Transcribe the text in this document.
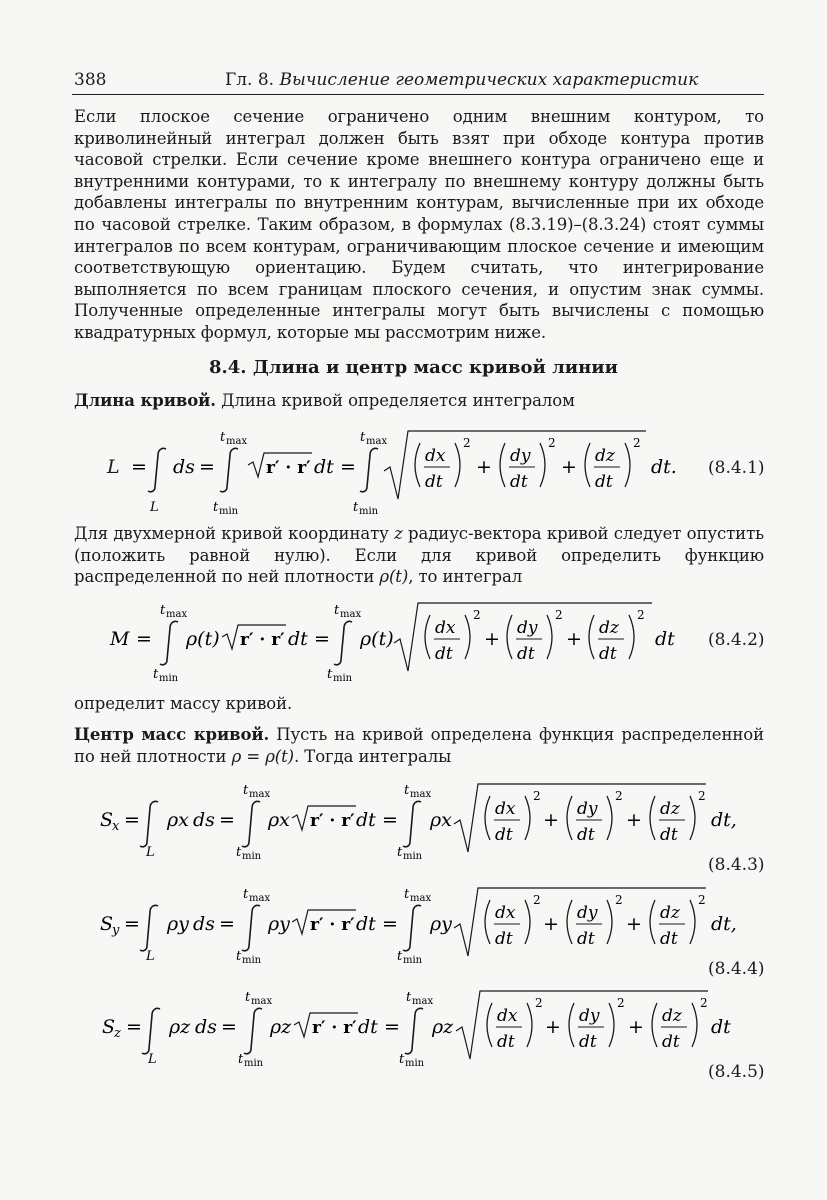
388	Гл. 8. Вычисление геометрических характеристик
Если плоское сечение ограничено одним внешним контуром, то криволинейный интеграл должен быть взят при обходе контура против часовой стрелки. Если сечение кроме внешнего контура ограничено еще и внутренними контурами, то к интегралу по внешнему контуру должны быть добавлены интегралы по внутренним контурам, вычисленные при их обходе по часовой стрелке. Таким образом, в формулах (8.3.19)–(8.3.24) стоят суммы интегралов по всем контурам, ограничивающим плоское сечение и имеющим соответствующую ориентацию. Будем считать, что интегрирование выполняется по всем границам плоского сечения, и опустим знак суммы. Полученные определенные интегралы могут быть вычислены с помощью квадратурных формул, которые мы рассмотрим ниже.
8.4. Длина и центр масс кривой линии
Длина кривой. Длина кривой определяется интегралом
L =
L
ds =
t max
t min
r′ · r′ dt =
t max
t min
dx
dt
2
+ dy
dt
2
+ dz
dt
2
dt. (8.4.1)
Для двухмерной кривой координату z радиус-вектора кривой следует опустить (положить равной нулю). Если для кривой определить функцию распределенной по ней плотности ρ(t), то интеграл
M =
t max
t min
ρ(t) r′ · r′ dt =
t max
t min
ρ(t) dx
dt
2
+ dy
dt
2
+ dz
dt
2
dt (8.4.2)
определит массу кривой.
Центр масс кривой. Пусть на кривой определена функция распределенной по ней плотности ρ = ρ(t). Тогда интегралы
S
x =
L
ρx ds =
t max
t min
ρx r′ · r′ dt =
t max
t min
ρx	dx
dt
2
+ dy
dt
2
+ dz
dt
2
dt,
(8.4.3)
S
y =
L
ρy ds =
t max
t min
ρy r′ · r′ dt =
t max
t min
ρy	dx
dt
2
+ dy
dt
2
+ dz
dt
2
dt,
(8.4.4)
S
z =
L
ρz ds =
t max
t min
ρz r′ · r′ dt =
t max
t min
ρz	dx
dt
2
+ dy
dt
2
+ dz
dt
2
dt
(8.4.5)
